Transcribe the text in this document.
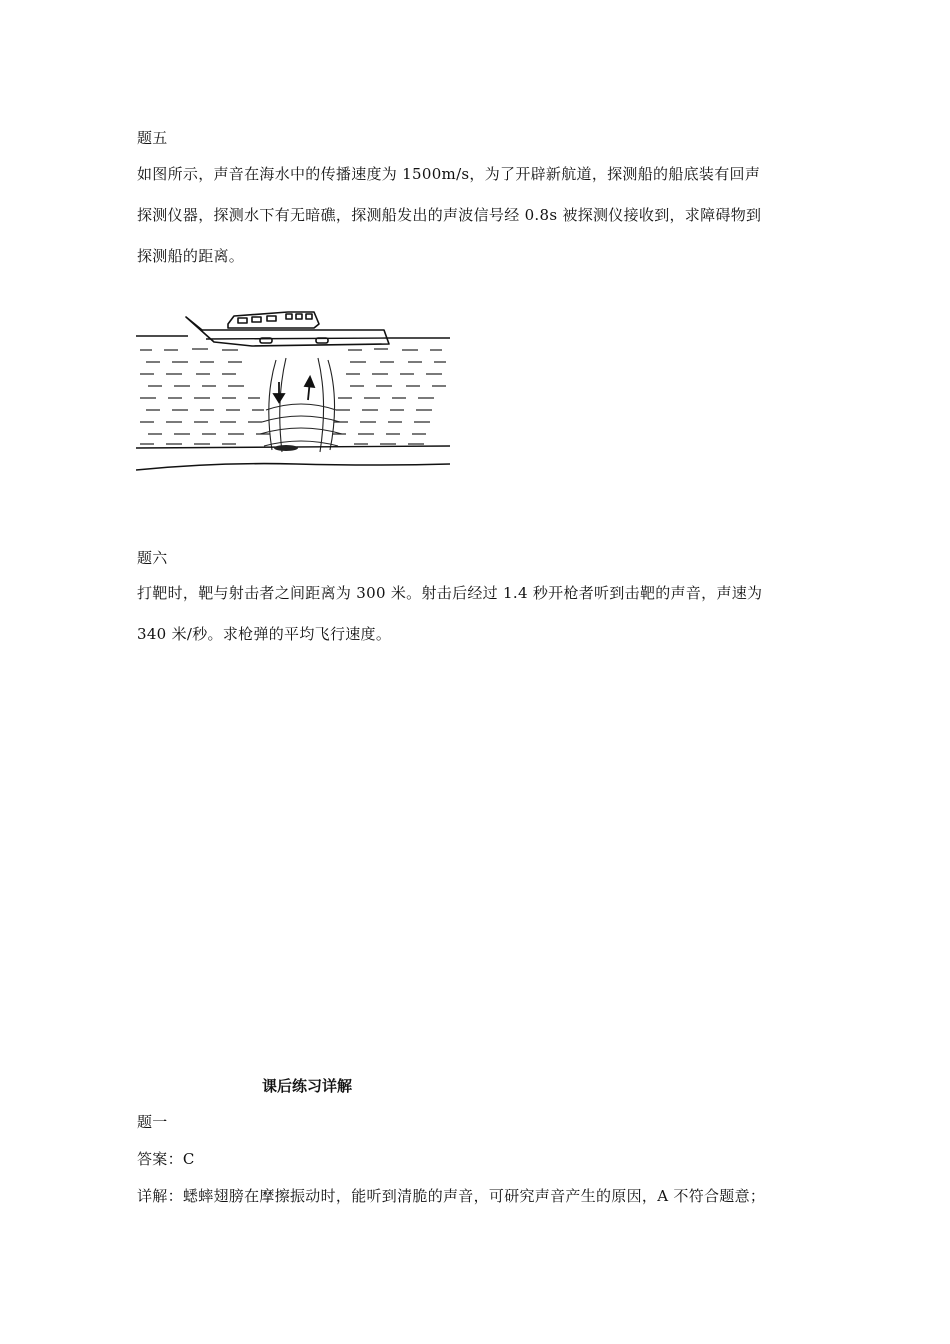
题五
如图所示，声音在海水中的传播速度为 1500m/s，为了开辟新航道，探测船的船底装有回声
探测仪器，探测水下有无暗礁，探测船发出的声波信号经 0.8s 被探测仪接收到，求障碍物到
探测船的距离。
题六
打靶时，靶与射击者之间距离为 300 米。射击后经过 1.4 秒开枪者听到击靶的声音，声速为
340 米/秒。求枪弹的平均飞行速度。
课后练习详解
题一
答案：C
详解：蟋蟀翅膀在摩擦振动时，能听到清脆的声音，可研究声音产生的原因，A 不符合题意；
